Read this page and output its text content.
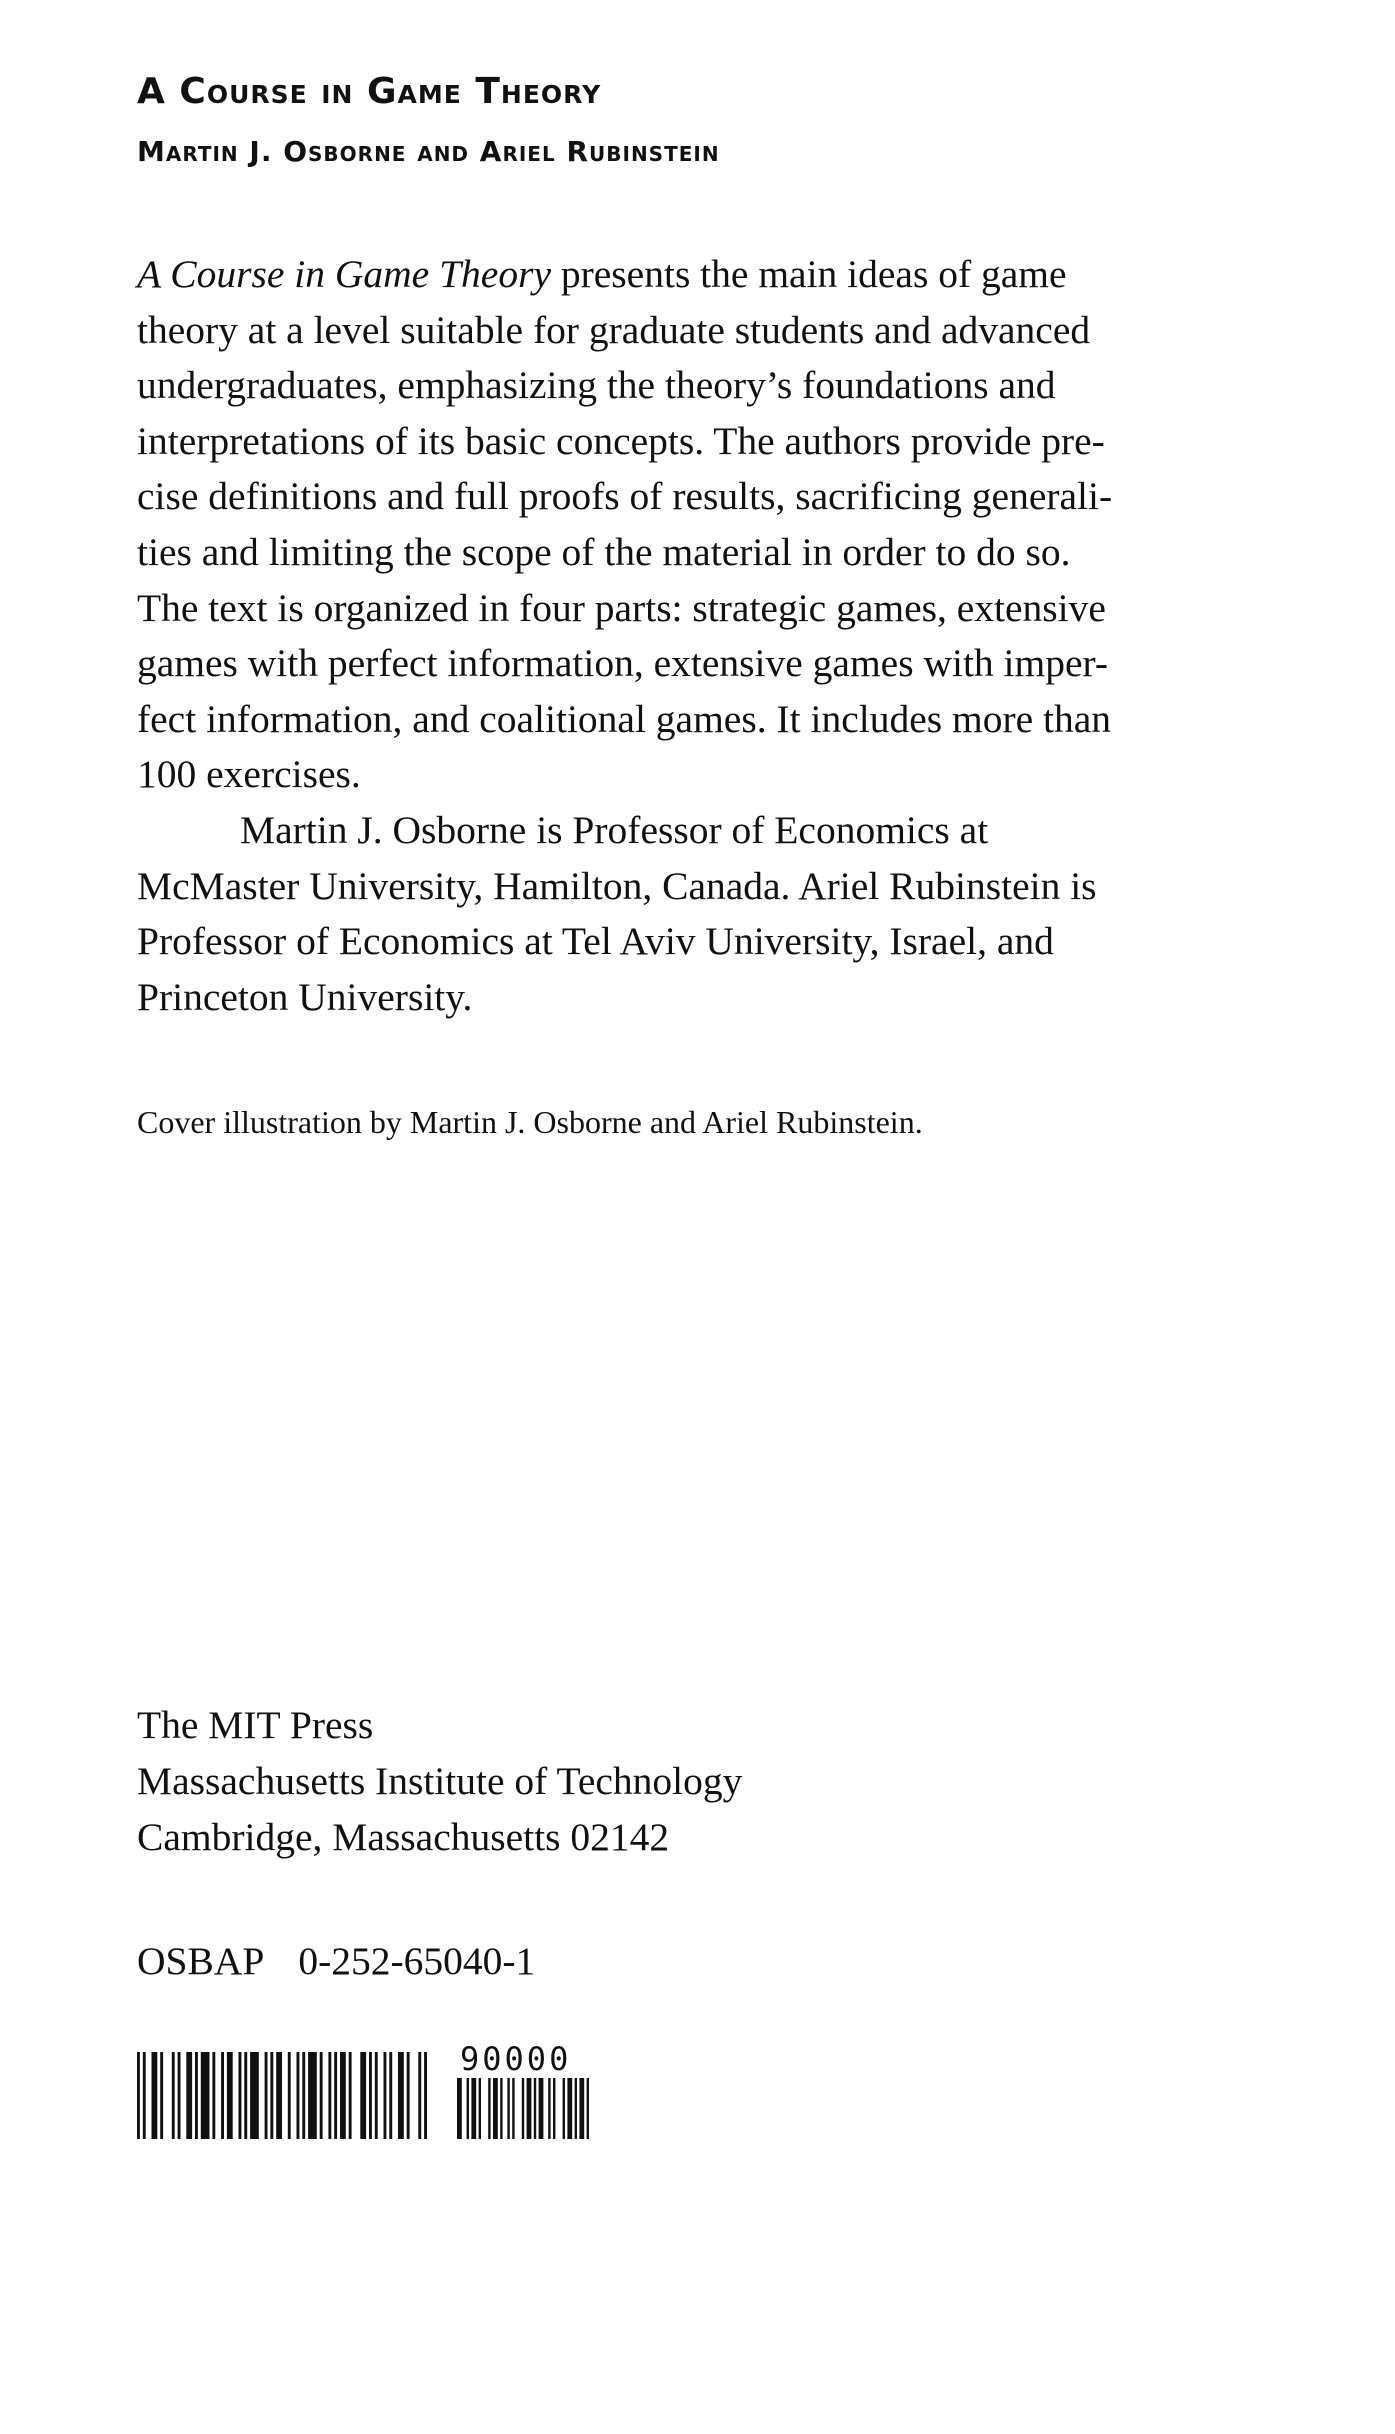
A Course in Game Theory
Martin J. Osborne and Ariel Rubinstein
A Course in Game Theory presents the main ideas of game
theory at a level suitable for graduate students and advanced
undergraduates, emphasizing the theory’s foundations and
interpretations of its basic concepts. The authors provide pre-
cise definitions and full proofs of results, sacrificing generali-
ties and limiting the scope of the material in order to do so.
The text is organized in four parts: strategic games, extensive
games with perfect information, extensive games with imper-
fect information, and coalitional games. It includes more than
100 exercises.
Martin J. Osborne is Professor of Economics at
McMaster University, Hamilton, Canada. Ariel Rubinstein is
Professor of Economics at Tel Aviv University, Israel, and
Princeton University.

Cover illustration by Martin J. Osborne and Ariel Rubinstein.

The MIT Press
Massachusetts Institute of Technology
Cambridge, Massachusetts 02142

OSBAP 0-252-65040-1

90000
